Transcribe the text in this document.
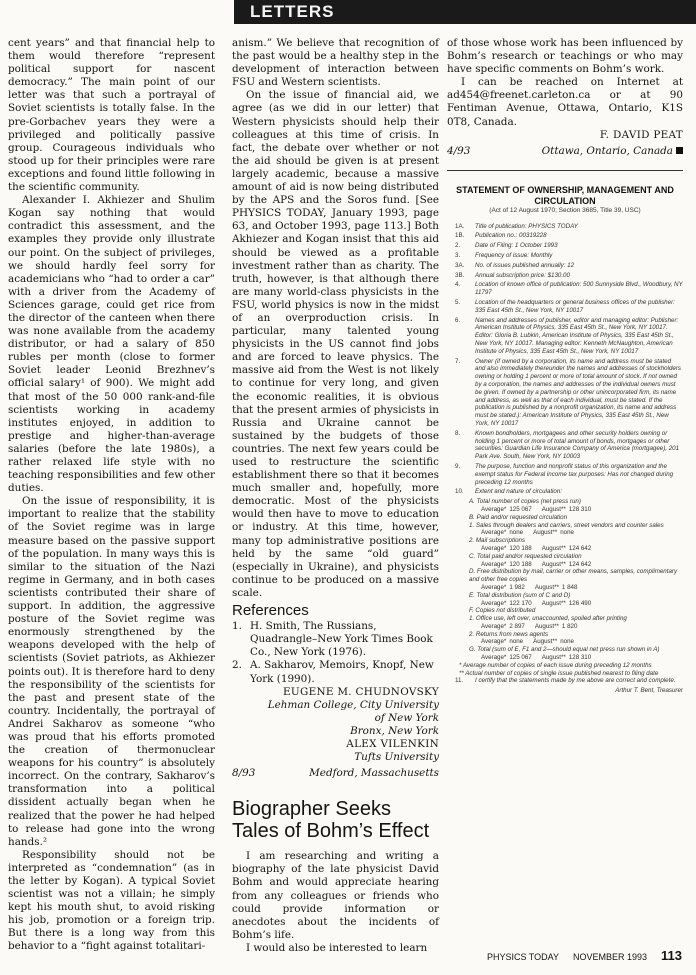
LETTERS

cent years” and that financial help to them would therefore “represent political support for nascent democracy.” The main point of our letter was that such a portrayal of Soviet scientists is totally false. In the pre-Gorbachev years they were a privileged and politically passive group. Courageous individuals who stood up for their principles were rare exceptions and found little following in the scientific community.

Alexander I. Akhiezer and Shulim Kogan say nothing that would contradict this assessment, and the examples they provide only illustrate our point. On the subject of privileges, we should hardly feel sorry for academicians who “had to order a car” with a driver from the Academy of Sciences garage, could get rice from the director of the canteen when there was none available from the academy distributor, or had a salary of 850 rubles per month (close to former Soviet leader Leonid Brezhnev’s official salary¹ of 900). We might add that most of the 50 000 rank-and-file scientists working in academy institutes enjoyed, in addition to prestige and higher-than-average salaries (before the late 1980s), a rather relaxed life style with no teaching responsibilities and few other duties.

On the issue of responsibility, it is important to realize that the stability of the Soviet regime was in large measure based on the passive support of the population. In many ways this is similar to the situation of the Nazi regime in Germany, and in both cases scientists contributed their share of support. In addition, the aggressive posture of the Soviet regime was enormously strengthened by the weapons developed with the help of scientists (Soviet patriots, as Akhiezer points out). It is therefore hard to deny the responsibility of the scientists for the past and present state of the country. Incidentally, the portrayal of Andrei Sakharov as someone “who was proud that his efforts promoted the creation of thermonuclear weapons for his country” is absolutely incorrect. On the contrary, Sakharov’s transformation into a political dissident actually began when he realized that the power he had helped to release had gone into the wrong hands.²

Responsibility should not be interpreted as “condemnation” (as in the letter by Kogan). A typical Soviet scientist was not a villain; he simply kept his mouth shut, to avoid risking his job, promotion or a foreign trip. But there is a long way from this behavior to a “fight against totalitari-

anism.” We believe that recognition of the past would be a healthy step in the development of interaction between FSU and Western scientists.

On the issue of financial aid, we agree (as we did in our letter) that Western physicists should help their colleagues at this time of crisis. In fact, the debate over whether or not the aid should be given is at present largely academic, because a massive amount of aid is now being distributed by the APS and the Soros fund. [See PHYSICS TODAY, January 1993, page 63, and October 1993, page 113.] Both Akhiezer and Kogan insist that this aid should be viewed as a profitable investment rather than as charity. The truth, however, is that although there are many world-class physicists in the FSU, world physics is now in the midst of an overproduction crisis. In particular, many talented young physicists in the US cannot find jobs and are forced to leave physics. The massive aid from the West is not likely to continue for very long, and given the economic realities, it is obvious that the present armies of physicists in Russia and Ukraine cannot be sustained by the budgets of those countries. The next few years could be used to restructure the scientific establishment there so that it becomes much smaller and, hopefully, more democratic. Most of the physicists would then have to move to education or industry. At this time, however, many top administrative positions are held by the same “old guard” (especially in Ukraine), and physicists continue to be produced on a massive scale.

References
1. H. Smith, The Russians, Quadrangle–New York Times Book Co., New York (1976).
2. A. Sakharov, Memoirs, Knopf, New York (1990).
EUGENE M. CHUDNOVSKY
Lehman College, City University
of New York
Bronx, New York
ALEX VILENKIN
Tufts University
8/93	Medford, Massachusetts
Biographer Seeks Tales of Bohm’s Effect

I am researching and writing a biography of the late physicist David Bohm and would appreciate hearing from any colleagues or friends who could provide information or anecdotes about the incidents of Bohm’s life.

I would also be interested to learn

of those whose work has been influenced by Bohm’s research or teachings or who may have specific comments on Bohm’s work.

I can be reached on Internet at ad454@freenet.carleton.ca or at 90 Fentiman Avenue, Ottawa, Ontario, K1S 0T8, Canada.

F. DAVID PEAT
4/93	Ottawa, Ontario, Canada
STATEMENT OF OWNERSHIP, MANAGEMENT AND CIRCULATION
(Act of 12 August 1970; Section 3685, Title 39, USC)
1A.	Title of publication: PHYSICS TODAY
1B.	Publication no.: 00319228
2.	Date of Filing: 1 October 1993
3.	Frequency of issue: Monthly
3A.	No. of issues published annually: 12
3B.	Annual subscription price: $130.00
4.	Location of known office of publication: 500 Sunnyside Blvd., Woodbury, NY 11797
5.	Location of the headquarters or general business offices of the publisher: 335 East 45th St., New York, NY 10017
6.	Names and addresses of publisher, editor and managing editor: Publisher: American Institute of Physics, 335 East 45th St., New York, NY 10017. Editor: Gloria B. Lubkin, American Institute of Physics, 335 East 45th St., New York, NY 10017. Managing editor: Kenneth McNaughton, American Institute of Physics, 335 East 45th St., New York, NY 10017
7.	Owner (if owned by a corporation, its name and address must be stated and also immediately thereunder the names and addresses of stockholders owning or holding 1 percent or more of total amount of stock. If not owned by a corporation, the names and addresses of the individual owners must be given. If owned by a partnership or other unincorporated firm, its name and address, as well as that of each individual, must be stated. If the publication is published by a nonprofit organization, its name and address must be stated.): American Institute of Physics, 335 East 45th St., New York, NY 10017
8.	Known bondholders, mortgagees and other security holders owning or holding 1 percent or more of total amount of bonds, mortgages or other securities: Guardian Life Insurance Company of America (mortgagee), 201 Park Ave. South, New York, NY 10003
9.	The purpose, function and nonprofit status of this organization and the exempt status for Federal income tax purposes: Has not changed during preceding 12 months
10.	Extent and nature of circulation:
A. Total number of copies (net press run)
Average* 125 067 August** 128 310
B. Paid and/or requested circulation
1. Sales through dealers and carriers, street vendors and counter sales
Average* none August** none
2. Mail subscriptions
Average* 120 188 August** 124 642
C. Total paid and/or requested circulation
Average* 120 188 August** 124 642
D. Free distribution by mail, carrier or other means, samples, complimentary and other free copies
Average* 1 982 August** 1 848
E. Total distribution (sum of C and D)
Average* 122 170 August** 126 490
F. Copies not distributed
1. Office use, left over, unaccounted, spoiled after printing
Average* 2 897 August** 1 820
2. Returns from news agents
Average* none August** none
G. Total (sum of E, F1 and 2—should equal net press run shown in A)
Average* 125 067 August** 128 310
* Average number of copies of each issue during preceding 12 months
** Actual number of copies of single issue published nearest to filing date
11.	I certify that the statements made by me above are correct and complete.
Arthur T. Bent, Treasurer
PHYSICS TODAY NOVEMBER 1993 113
